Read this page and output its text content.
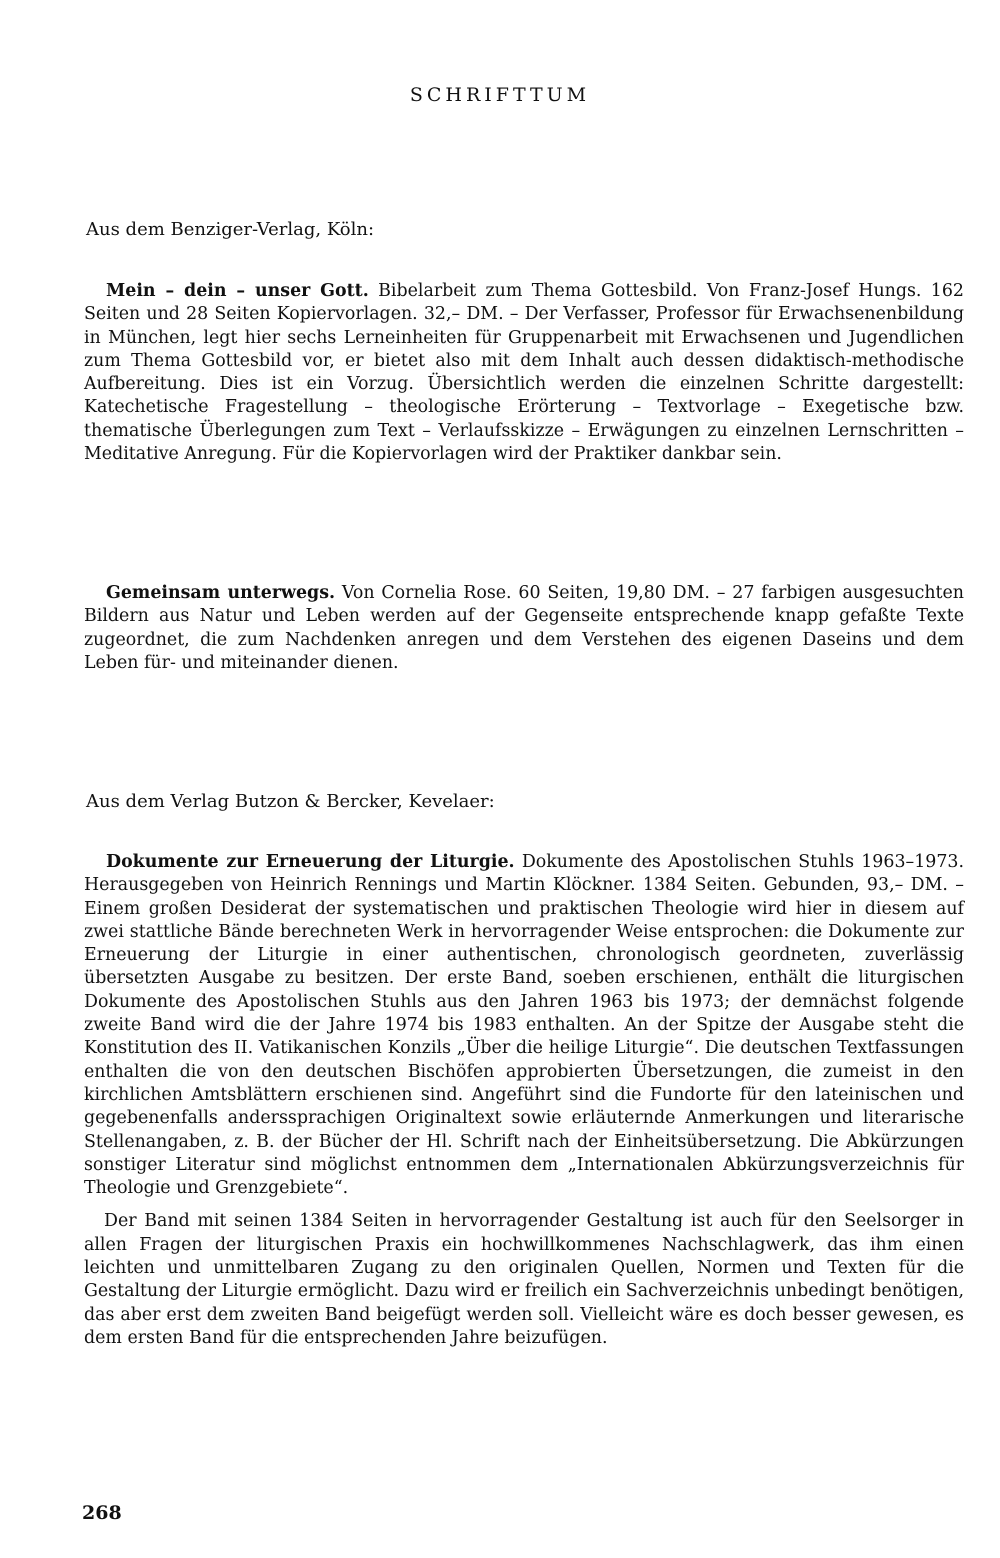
SCHRIFTTUM
Aus dem Benziger-Verlag, Köln:

Mein – dein – unser Gott. Bibelarbeit zum Thema Gottesbild. Von Franz-Josef Hungs. 162 Seiten und 28 Seiten Kopiervorlagen. 32,– DM. – Der Verfasser, Professor für Erwachsenenbildung in München, legt hier sechs Lerneinheiten für Gruppenarbeit mit Erwachsenen und Jugendlichen zum Thema Gottesbild vor, er bietet also mit dem Inhalt auch dessen didaktisch-methodische Aufbereitung. Dies ist ein Vorzug. Übersichtlich werden die einzelnen Schritte dargestellt: Katechetische Fragestellung – theologische Erörterung – Textvorlage – Exegetische bzw. thematische Überlegungen zum Text – Verlaufsskizze – Erwägungen zu einzelnen Lernschritten – Meditative Anregung. Für die Kopiervorlagen wird der Praktiker dankbar sein.

Gemeinsam unterwegs. Von Cornelia Rose. 60 Seiten, 19,80 DM. – 27 farbigen ausgesuchten Bildern aus Natur und Leben werden auf der Gegenseite entsprechende knapp gefaßte Texte zugeordnet, die zum Nachdenken anregen und dem Verstehen des eigenen Daseins und dem Leben für- und miteinander dienen.

Aus dem Verlag Butzon & Bercker, Kevelaer:

Dokumente zur Erneuerung der Liturgie. Dokumente des Apostolischen Stuhls 1963–1973. Herausgegeben von Heinrich Rennings und Martin Klöckner. 1384 Seiten. Gebunden, 93,– DM. – Einem großen Desiderat der systematischen und praktischen Theologie wird hier in diesem auf zwei stattliche Bände berechneten Werk in hervorragender Weise entsprochen: die Dokumente zur Erneuerung der Liturgie in einer authentischen, chronologisch geordneten, zuverlässig übersetzten Ausgabe zu besitzen. Der erste Band, soeben erschienen, enthält die liturgischen Dokumente des Apostolischen Stuhls aus den Jahren 1963 bis 1973; der demnächst folgende zweite Band wird die der Jahre 1974 bis 1983 enthalten. An der Spitze der Ausgabe steht die Konstitution des II. Vatikanischen Konzils „Über die heilige Liturgie“. Die deutschen Textfassungen enthalten die von den deutschen Bischöfen approbierten Übersetzungen, die zumeist in den kirchlichen Amtsblättern erschienen sind. Angeführt sind die Fundorte für den lateinischen und gegebenenfalls anderssprachigen Originaltext sowie erläuternde Anmerkungen und literarische Stellenangaben, z. B. der Bücher der Hl. Schrift nach der Einheitsübersetzung. Die Abkürzungen sonstiger Literatur sind möglichst entnommen dem „Internationalen Abkürzungsverzeichnis für Theologie und Grenzgebiete“.

Der Band mit seinen 1384 Seiten in hervorragender Gestaltung ist auch für den Seelsorger in allen Fragen der liturgischen Praxis ein hochwillkommenes Nachschlagwerk, das ihm einen leichten und unmittelbaren Zugang zu den originalen Quellen, Normen und Texten für die Gestaltung der Liturgie ermöglicht. Dazu wird er freilich ein Sachverzeichnis unbedingt benötigen, das aber erst dem zweiten Band beigefügt werden soll. Vielleicht wäre es doch besser gewesen, es dem ersten Band für die entsprechenden Jahre beizufügen.

268
